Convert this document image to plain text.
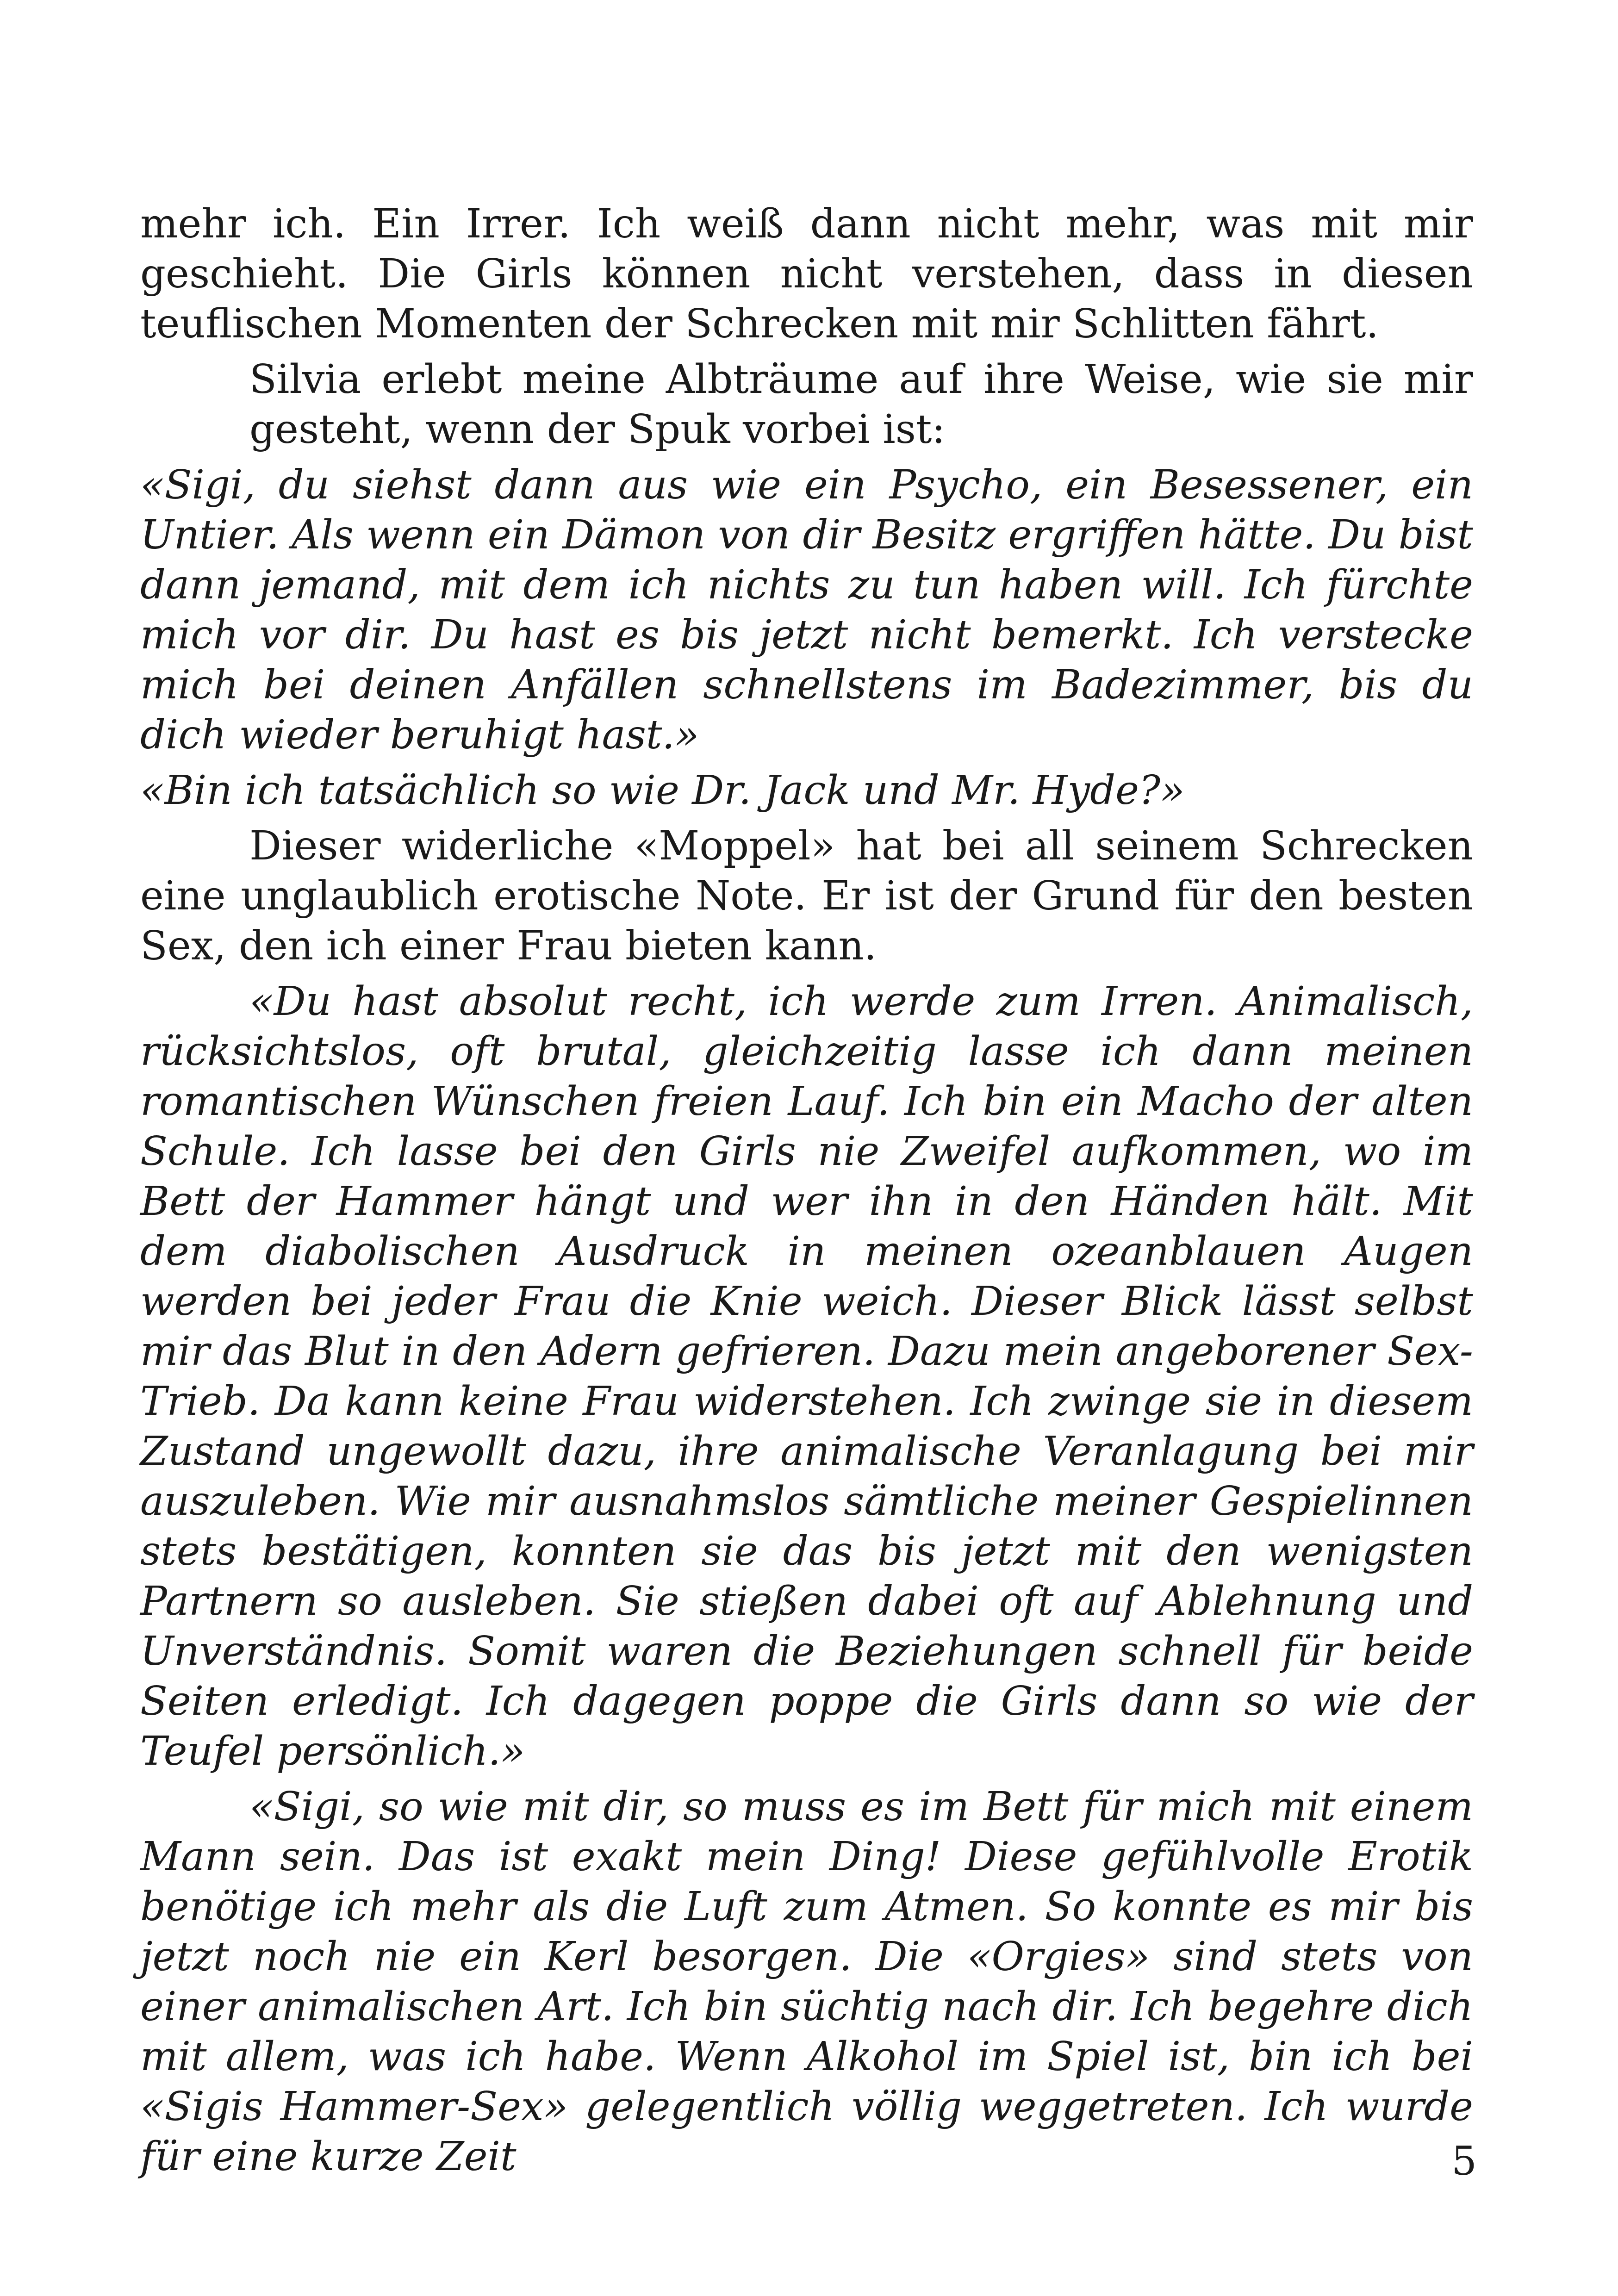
mehr ich. Ein Irrer. Ich weiß dann nicht mehr, was mit mir geschieht. Die Girls können nicht verstehen, dass in diesen teuflischen Momenten der Schrecken mit mir Schlitten fährt.

Silvia erlebt meine Albträume auf ihre Weise, wie sie mir gesteht, wenn der Spuk vorbei ist:

«Sigi, du siehst dann aus wie ein Psycho, ein Besessener, ein Untier. Als wenn ein Dämon von dir Besitz ergriffen hätte. Du bist dann jemand, mit dem ich nichts zu tun haben will. Ich fürchte mich vor dir. Du hast es bis jetzt nicht bemerkt. Ich verstecke mich bei deinen Anfällen schnellstens im Badezimmer, bis du dich wieder beruhigt hast.»

«Bin ich tatsächlich so wie Dr. Jack und Mr. Hyde?»

Dieser widerliche «Moppel» hat bei all seinem Schrecken eine unglaublich erotische Note. Er ist der Grund für den besten Sex, den ich einer Frau bieten kann.

«Du hast absolut recht, ich werde zum Irren. Animalisch, rücksichtslos, oft brutal, gleichzeitig lasse ich dann meinen romantischen Wünschen freien Lauf. Ich bin ein Macho der alten Schule. Ich lasse bei den Girls nie Zweifel aufkommen, wo im Bett der Hammer hängt und wer ihn in den Händen hält. Mit dem diabolischen Ausdruck in meinen ozeanblauen Augen werden bei jeder Frau die Knie weich. Dieser Blick lässt selbst mir das Blut in den Adern gefrieren. Dazu mein angeborener Sex-Trieb. Da kann keine Frau widerstehen. Ich zwinge sie in diesem Zustand ungewollt dazu, ihre animalische Veranlagung bei mir auszuleben. Wie mir ausnahmslos sämtliche meiner Gespielinnen stets bestätigen, konnten sie das bis jetzt mit den wenigsten Partnern so ausleben. Sie stießen dabei oft auf Ablehnung und Unverständnis. Somit waren die Beziehungen schnell für beide Seiten erledigt. Ich dagegen poppe die Girls dann so wie der Teufel persönlich.»

«Sigi, so wie mit dir, so muss es im Bett für mich mit einem Mann sein. Das ist exakt mein Ding! Diese gefühlvolle Erotik benötige ich mehr als die Luft zum Atmen. So konnte es mir bis jetzt noch nie ein Kerl besorgen. Die «Orgies» sind stets von einer animalischen Art. Ich bin süchtig nach dir. Ich begehre dich mit allem, was ich habe. Wenn Alkohol im Spiel ist, bin ich bei «Sigis Hammer-Sex» gelegentlich völlig weggetreten. Ich wurde für eine kurze Zeit	5
